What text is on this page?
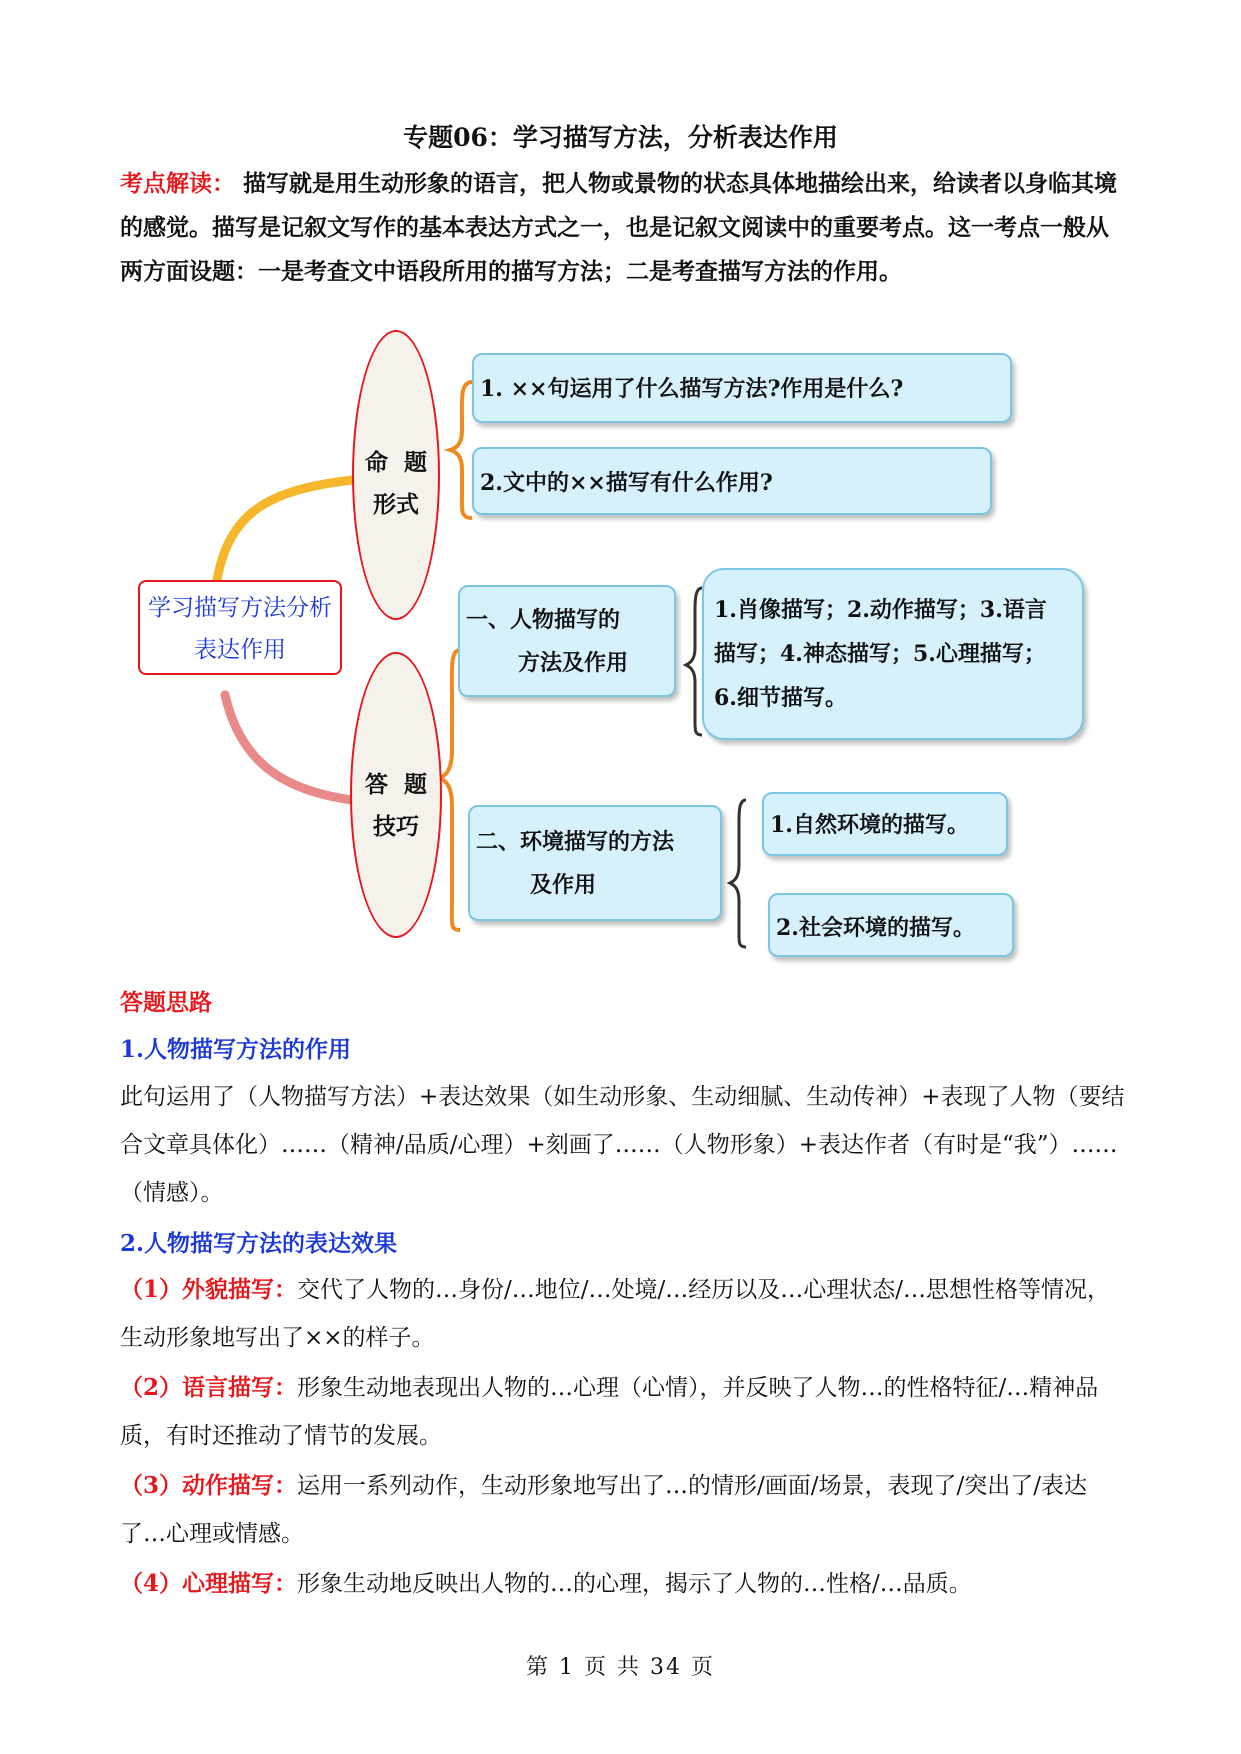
专题06：学习描写方法，分析表达作用
考点解读： 描写就是用生动形象的语言，把人物或景物的状态具体地描绘出来，给读者以身临其境的感觉。描写是记叙文写作的基本表达方式之一，也是记叙文阅读中的重要考点。这一考点一般从两方面设题：一是考查文中语段所用的描写方法；二是考查描写方法的作用。
学习描写方法分析
表达作用
命  题
形式
1. ××句运用了什么描写方法?作用是什么?
2.文中的××描写有什么作用?
答  题
技巧
一、人物描写的
方法及作用
1.肖像描写；2.动作描写；3.语言
描写；4.神态描写；5.心理描写；
6.细节描写。
二、环境描写的方法
及作用
1.自然环境的描写。
2.社会环境的描写。
答题思路
1.人物描写方法的作用
此句运用了（人物描写方法）+表达效果（如生动形象、生动细腻、生动传神）+表现了人物（要结合文章具体化）……（精神/品质/心理）+刻画了……（人物形象）+表达作者（有时是“我”）……（情感）。
2.人物描写方法的表达效果
（1）外貌描写：交代了人物的…身份/…地位/…处境/…经历以及…心理状态/…思想性格等情况，生动形象地写出了××的样子。
（2）语言描写：形象生动地表现出人物的…心理（心情），并反映了人物…的性格特征/…精神品质，有时还推动了情节的发展。
（3）动作描写：运用一系列动作，生动形象地写出了…的情形/画面/场景，表现了/突出了/表达了…心理或情感。
（4）心理描写：形象生动地反映出人物的…的心理，揭示了人物的…性格/…品质。
第 1 页 共 34 页
